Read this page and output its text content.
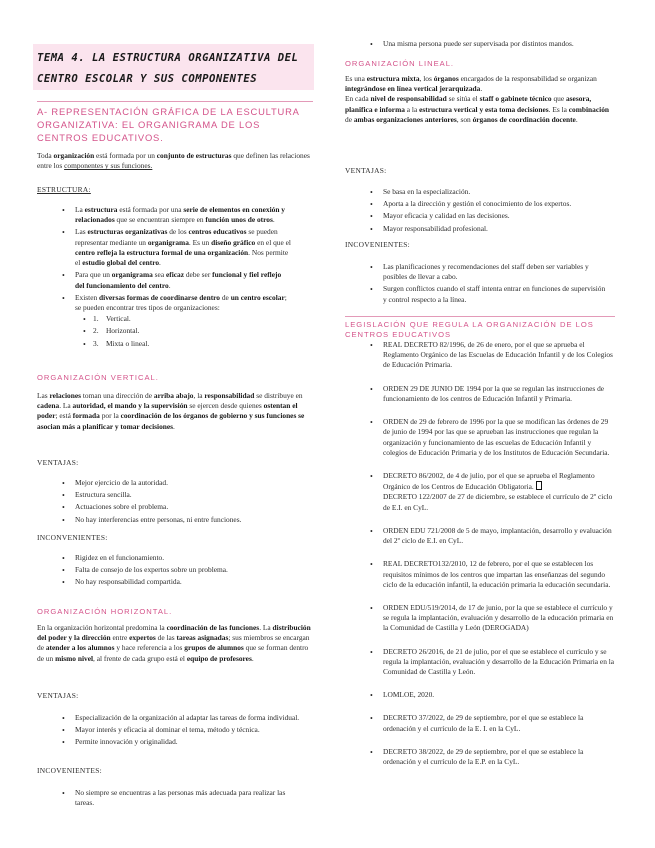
TEMA 4. LA ESTRUCTURA ORGANIZATIVA DEL
CENTRO ESCOLAR Y SUS COMPONENTES
A- REPRESENTACIÓN GRÁFICA DE LA ESCULTURA ORGANIZATIVA: EL ORGANIGRAMA DE LOS CENTROS EDUCATIVOS.

Toda organización está formada por un conjunto de estructuras que definen las relaciones entre los componentes y sus funciones.

ESTRUCTURA:

• La estructura está formada por una serie de elementos en conexión y relacionados que se encuentran siempre en función unos de otros.
• Las estructuras organizativas de los centros educativos se pueden representar mediante un organigrama. Es un diseño gráfico en el que el centro refleja la estructura formal de una organización. Nos permite el estudio global del centro.
• Para que un organigrama sea eficaz debe ser funcional y fiel reflejo del funcionamiento del centro.
• Existen diversas formas de coordinarse dentro de un centro escolar; se pueden encontrar tres tipos de organizaciones:
• 1.    Vertical.
• 2.    Horizontal.
• 3.    Mixta o lineal.
ORGANIZACIÓN VERTICAL.

Las relaciones toman una dirección de arriba abajo, la responsabilidad se distribuye en cadena. La autoridad, el mando y la supervisión se ejercen desde quienes ostentan el poder; está formada por la coordinación de los órganos de gobierno y sus funciones se asocian más a planificar y tomar decisiones.

VENTAJAS:

• Mejor ejercicio de la autoridad.
• Estructura sencilla.
• Actuaciones sobre el problema.
• No hay interferencias entre personas, ni entre funciones.

INCONVENIENTES:

• Rigidez en el funcionamiento.
• Falta de consejo de los expertos sobre un problema.
• No hay responsabilidad compartida.
ORGANIZACIÓN HORIZONTAL.

En la organización horizontal predomina la coordinación de las funciones. La distribución del poder y la dirección entre expertos de las tareas asignadas; sus miembros se encargan de atender a los alumnos y hace referencia a los grupos de alumnos que se forman dentro de un mismo nivel, al frente de cada grupo está el equipo de profesores.

VENTAJAS:

• Especialización de la organización al adaptar las tareas de forma individual.
• Mayor interés y eficacia al dominar el tema, método y técnica.
• Permite innovación y originalidad.

INCOVENIENTES:

• No siempre se encuentras a las personas más adecuada para realizar las tareas.
• Una misma persona puede ser supervisada por distintos mandos.
ORGANIZACIÓN LINEAL.

Es una estructura mixta, los órganos encargados de la responsabilidad se organizan integrándose en línea vertical jerarquizada.
En cada nivel de responsabilidad se sitúa el staff o gabinete técnico que asesora, planifica e informa a la estructura vertical y esta toma decisiones. Es la combinación de ambas organizaciones anteriores, son órganos de coordinación docente.

VENTAJAS:

• Se basa en la especialización.
• Aporta a la dirección y gestión el conocimiento de los expertos.
• Mayor eficacia y calidad en las decisiones.
• Mayor responsabilidad profesional.

INCOVENIENTES:

• Las planificaciones y recomendaciones del staff deben ser variables y posibles de llevar a cabo.
• Surgen conflictos cuando el staff intenta entrar en funciones de supervisión y control respecto a la línea.
LEGISLACIÓN QUE REGULA LA ORGANIZACIÓN DE LOS CENTROS EDUCATIVOS
• REAL DECRETO 82/1996, de 26 de enero, por el que se aprueba el Reglamento Orgánico de las Escuelas de Educación Infantil y de los Colegios de Educación Primaria.
• ORDEN 29 DE JUNIO DE 1994 por la que se regulan las instrucciones de funcionamiento de los centros de Educación Infantil y Primaria.
• ORDEN de 29 de febrero de 1996 por la que se modifican las órdenes de 29 de junio de 1994 por las que se aprueban las instrucciones que regulan la organización y funcionamiento de las escuelas de Educación Infantil y colegios de Educación Primaria y de los Institutos de Educación Secundaria.
• DECRETO 86/2002, de 4 de julio, por el que se aprueba el Reglamento Orgánico de los Centros de Educación Obligatoria.
DECRETO 122/2007 de 27 de diciembre, se establece el currículo de 2º ciclo de E.I. en CyL.
• ORDEN EDU 721/2008 de 5 de mayo, implantación, desarrollo y evaluación del 2º ciclo de E.I. en CyL.
• REAL DECRETO132/2010, 12 de febrero, por el que se establecen los requisitos mínimos de los centros que impartan las enseñanzas del segundo ciclo de la educación infantil, la educación primaria la educación secundaria.
• ORDEN EDU/519/2014, de 17 de junio, por la que se establece el currículo y se regula la implantación, evaluación y desarrollo de la educación primaria en la Comunidad de Castilla y León (DEROGADA)
• DECRETO 26/2016, de 21 de julio, por el que se establece el currículo y se regula la implantación, evaluación y desarrollo de la Educación Primaria en la Comunidad de Castilla y León.
• LOMLOE, 2020.
• DECRETO 37/2022, de 29 de septiembre, por el que se establece la ordenación y el currículo de la E. I. en la CyL.
• DECRETO 38/2022, de 29 de septiembre, por el que se establece la ordenación y el currículo de la E.P. en la CyL.
